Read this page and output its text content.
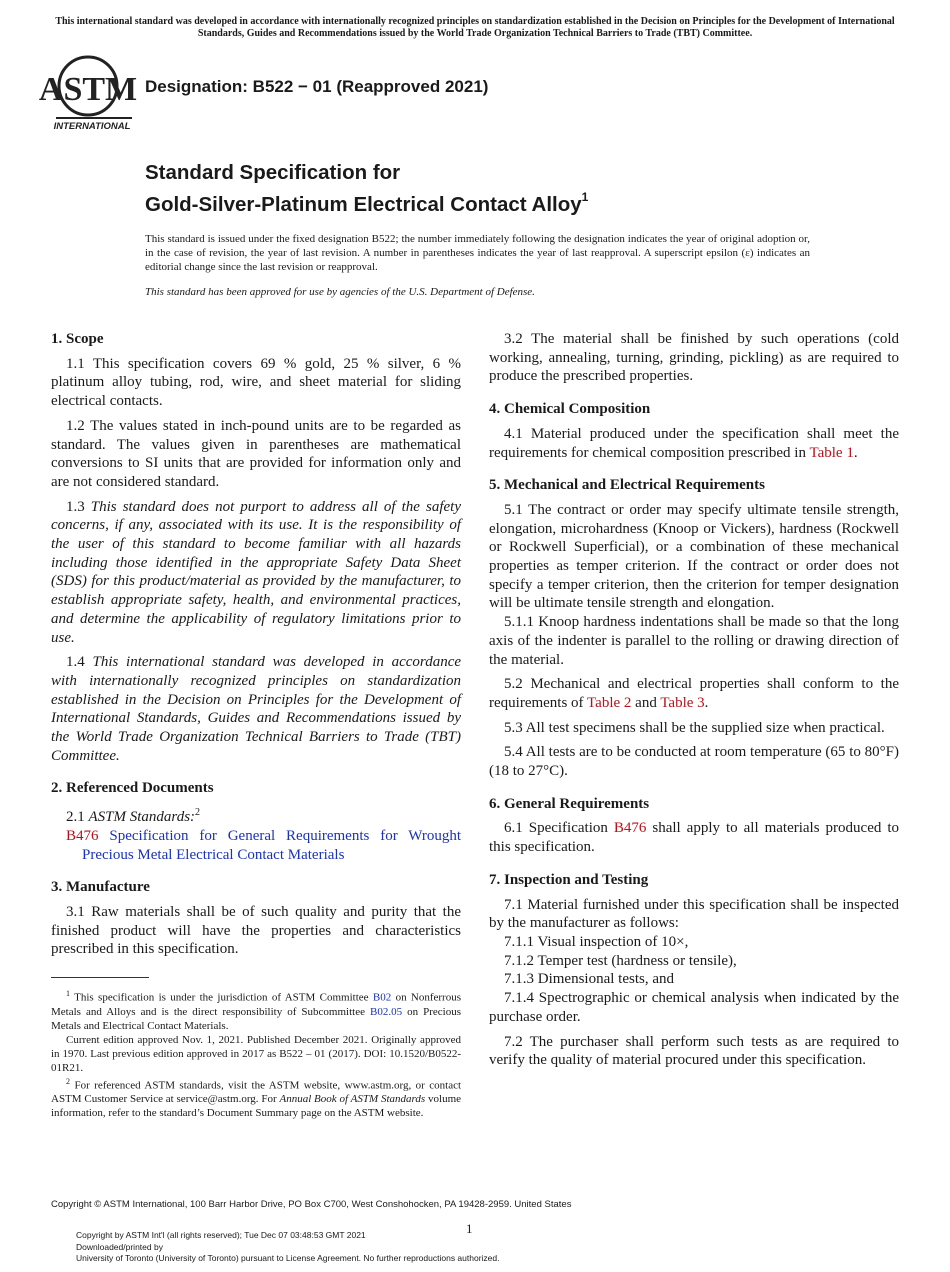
This international standard was developed in accordance with internationally recognized principles on standardization established in the Decision on Principles for the Development of International Standards, Guides and Recommendations issued by the World Trade Organization Technical Barriers to Trade (TBT) Committee.
ASTM
INTERNATIONAL
Designation: B522 − 01 (Reapproved 2021)
Standard Specification for
Gold-Silver-Platinum Electrical Contact Alloy$^1$
This standard is issued under the fixed designation B522; the number immediately following the designation indicates the year of original adoption or, in the case of revision, the year of last revision. A number in parentheses indicates the year of last reapproval. A superscript epsilon (ε) indicates an editorial change since the last revision or reapproval.
This standard has been approved for use by agencies of the U.S. Department of Defense.
1. Scope

1.1 This specification covers 69 % gold, 25 % silver, 6 % platinum alloy tubing, rod, wire, and sheet material for sliding electrical contacts.

1.2 The values stated in inch-pound units are to be regarded as standard. The values given in parentheses are mathematical conversions to SI units that are provided for information only and are not considered standard.

1.3 This standard does not purport to address all of the safety concerns, if any, associated with its use. It is the responsibility of the user of this standard to become familiar with all hazards including those identified in the appropriate Safety Data Sheet (SDS) for this product/material as provided by the manufacturer, to establish appropriate safety, health, and environmental practices, and determine the applicability of regulatory limitations prior to use.

1.4 This international standard was developed in accordance with internationally recognized principles on standardization established in the Decision on Principles for the Development of International Standards, Guides and Recommendations issued by the World Trade Organization Technical Barriers to Trade (TBT) Committee.

2. Referenced Documents

2.1 ASTM Standards:$^2$

B476 Specification for General Requirements for Wrought Precious Metal Electrical Contact Materials

3. Manufacture

3.1 Raw materials shall be of such quality and purity that the finished product will have the properties and characteristics prescribed in this specification.

$^1$ This specification is under the jurisdiction of ASTM Committee B02 on Nonferrous Metals and Alloys and is the direct responsibility of Subcommittee B02.05 on Precious Metals and Electrical Contact Materials.

Current edition approved Nov. 1, 2021. Published December 2021. Originally approved in 1970. Last previous edition approved in 2017 as B522 – 01 (2017). DOI: 10.1520/B0522-01R21.

$^2$ For referenced ASTM standards, visit the ASTM website, www.astm.org, or contact ASTM Customer Service at service@astm.org. For Annual Book of ASTM Standards volume information, refer to the standard’s Document Summary page on the ASTM website.

3.2 The material shall be finished by such operations (cold working, annealing, turning, grinding, pickling) as are required to produce the prescribed properties.

4. Chemical Composition

4.1 Material produced under the specification shall meet the requirements for chemical composition prescribed in Table 1.

5. Mechanical and Electrical Requirements

5.1 The contract or order may specify ultimate tensile strength, elongation, microhardness (Knoop or Vickers), hardness (Rockwell or Rockwell Superficial), or a combination of these mechanical properties as temper criterion. If the contract or order does not specify a temper criterion, then the criterion for temper designation will be ultimate tensile strength and elongation.

5.1.1 Knoop hardness indentations shall be made so that the long axis of the indenter is parallel to the rolling or drawing direction of the material.

5.2 Mechanical and electrical properties shall conform to the requirements of Table 2 and Table 3.

5.3 All test specimens shall be the supplied size when practical.

5.4 All tests are to be conducted at room temperature (65 to 80°F) (18 to 27°C).

6. General Requirements

6.1 Specification B476 shall apply to all materials produced to this specification.

7. Inspection and Testing

7.1 Material furnished under this specification shall be inspected by the manufacturer as follows:

7.1.1 Visual inspection of 10×,

7.1.2 Temper test (hardness or tensile),

7.1.3 Dimensional tests, and

7.1.4 Spectrographic or chemical analysis when indicated by the purchase order.

7.2 The purchaser shall perform such tests as are required to verify the quality of material procured under this specification.

Copyright © ASTM International, 100 Barr Harbor Drive, PO Box C700, West Conshohocken, PA 19428-2959. United States
1
Copyright by ASTM Int'l (all rights reserved); Tue Dec 07 03:48:53 GMT 2021
Downloaded/printed by
University of Toronto (University of Toronto) pursuant to License Agreement. No further reproductions authorized.
